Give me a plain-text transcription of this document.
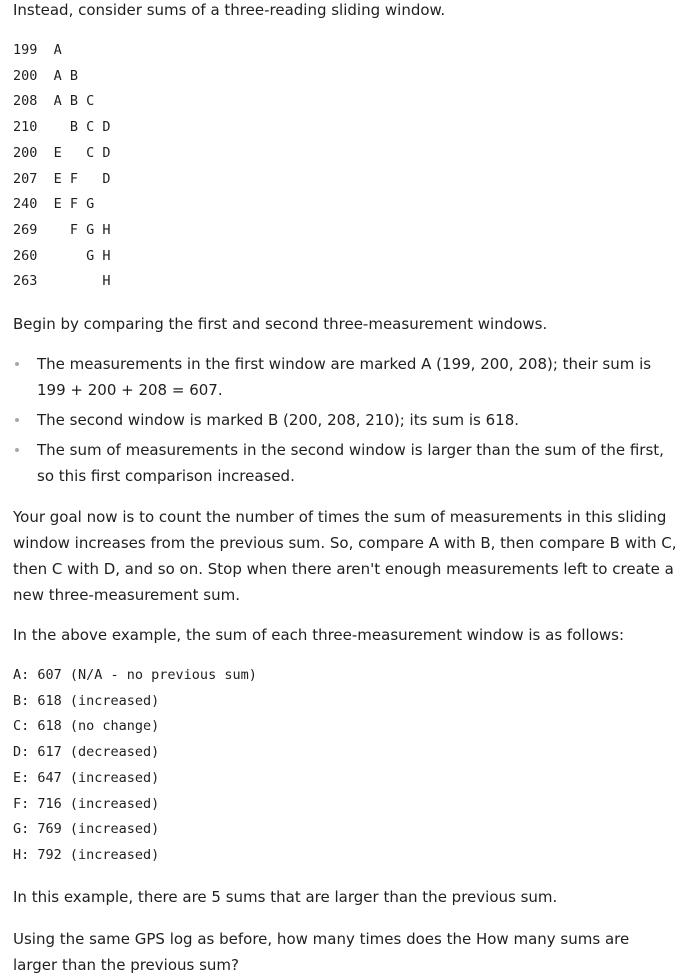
Instead, consider sums of a three-reading sliding window.

199  A
200  A B
208  A B C
210    B C D
200  E   C D
207  E F   D
240  E F G
269    F G H
260      G H
263        H

Begin by comparing the first and second three-measurement windows.

The measurements in the first window are marked A (199, 200, 208); their sum is 199 + 200 + 208 = 607.
The second window is marked B (200, 208, 210); its sum is 618.
The sum of measurements in the second window is larger than the sum of the first, so this first comparison increased.

Your goal now is to count the number of times the sum of measurements in this sliding window increases from the previous sum. So, compare A with B, then compare B with C, then C with D, and so on. Stop when there aren't enough measurements left to create a new three-measurement sum.

In the above example, the sum of each three-measurement window is as follows:

A: 607 (N/A - no previous sum)
B: 618 (increased)
C: 618 (no change)
D: 617 (decreased)
E: 647 (increased)
F: 716 (increased)
G: 769 (increased)
H: 792 (increased)

In this example, there are 5 sums that are larger than the previous sum.

Using the same GPS log as before, how many times does the How many sums are larger than the previous sum?
